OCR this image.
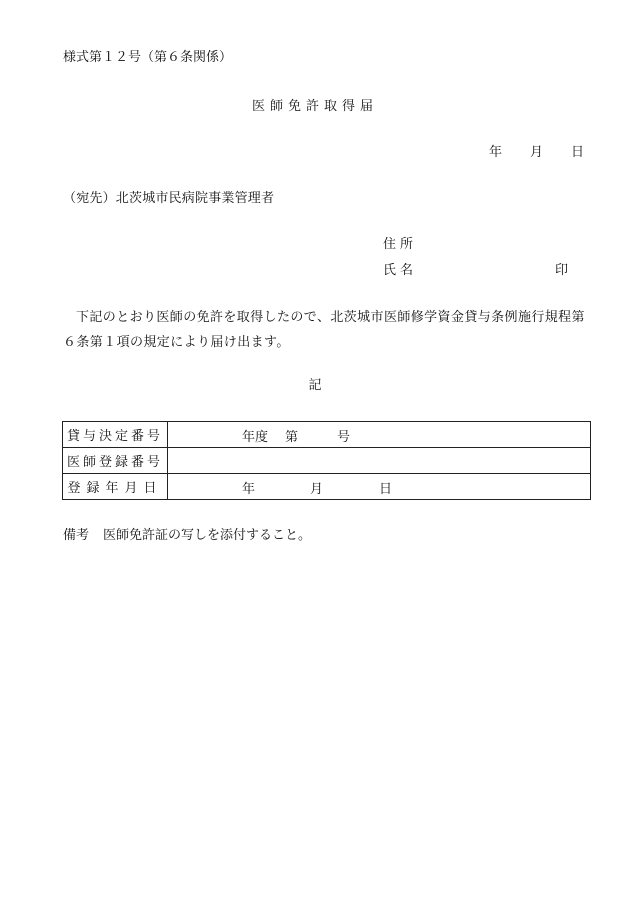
様式第１２号（第６条関係）
医師免許取得届
年 月 日
（宛先）北茨城市民病院事業管理者
住所
氏名	印
下記のとおり医師の免許を取得したので、北茨城市医師修学資金貸与条例施行規程第６条第１項の規定により届け出ます。
記
貸与決定番号	年度 第 号

医師登録番号	

登録年月日	年 月 日
備考 医師免許証の写しを添付すること。
